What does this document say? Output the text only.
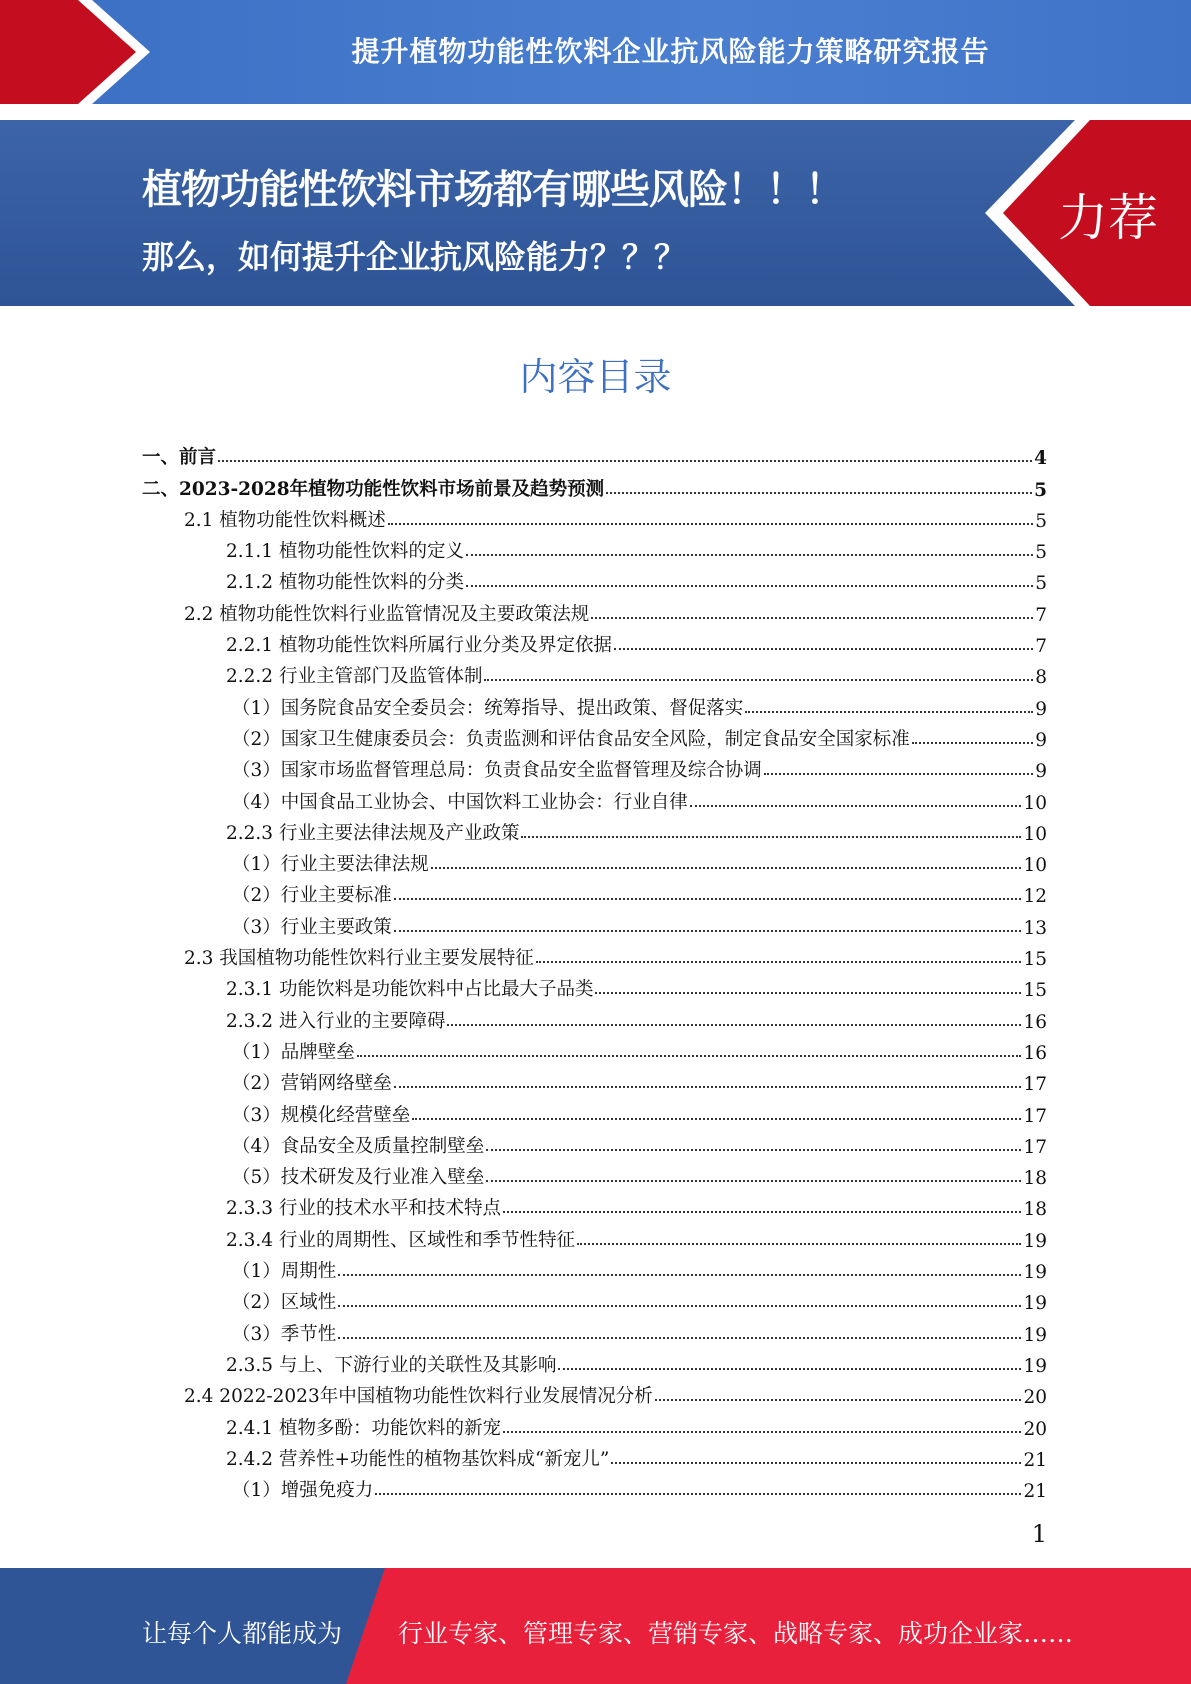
提升植物功能性饮料企业抗风险能力策略研究报告
植物功能性饮料市场都有哪些风险！！！
那么，如何提升企业抗风险能力？？？
力荐
内容目录
一、前言	4
二、2023-2028年植物功能性饮料市场前景及趋势预测	5
2.1 植物功能性饮料概述	5
2.1.1 植物功能性饮料的定义	5
2.1.2 植物功能性饮料的分类	5
2.2 植物功能性饮料行业监管情况及主要政策法规	7
2.2.1 植物功能性饮料所属行业分类及界定依据	7
2.2.2 行业主管部门及监管体制	8
（1）国务院食品安全委员会：统筹指导、提出政策、督促落实	9
（2）国家卫生健康委员会：负责监测和评估食品安全风险，制定食品安全国家标准	9
（3）国家市场监督管理总局：负责食品安全监督管理及综合协调	9
（4）中国食品工业协会、中国饮料工业协会：行业自律	10
2.2.3 行业主要法律法规及产业政策	10
（1）行业主要法律法规	10
（2）行业主要标准	12
（3）行业主要政策	13
2.3 我国植物功能性饮料行业主要发展特征	15
2.3.1 功能饮料是功能饮料中占比最大子品类	15
2.3.2 进入行业的主要障碍	16
（1）品牌壁垒	16
（2）营销网络壁垒	17
（3）规模化经营壁垒	17
（4）食品安全及质量控制壁垒	17
（5）技术研发及行业准入壁垒	18
2.3.3 行业的技术水平和技术特点	18
2.3.4 行业的周期性、区域性和季节性特征	19
（1）周期性	19
（2）区域性	19
（3）季节性	19
2.3.5 与上、下游行业的关联性及其影响	19
2.4 2022-2023年中国植物功能性饮料行业发展情况分析	20
2.4.1 植物多酚：功能饮料的新宠	20
2.4.2 营养性+功能性的植物基饮料成“新宠儿”	21
（1）增强免疫力	21
1
让每个人都能成为 行业专家、管理专家、营销专家、战略专家、成功企业家……
